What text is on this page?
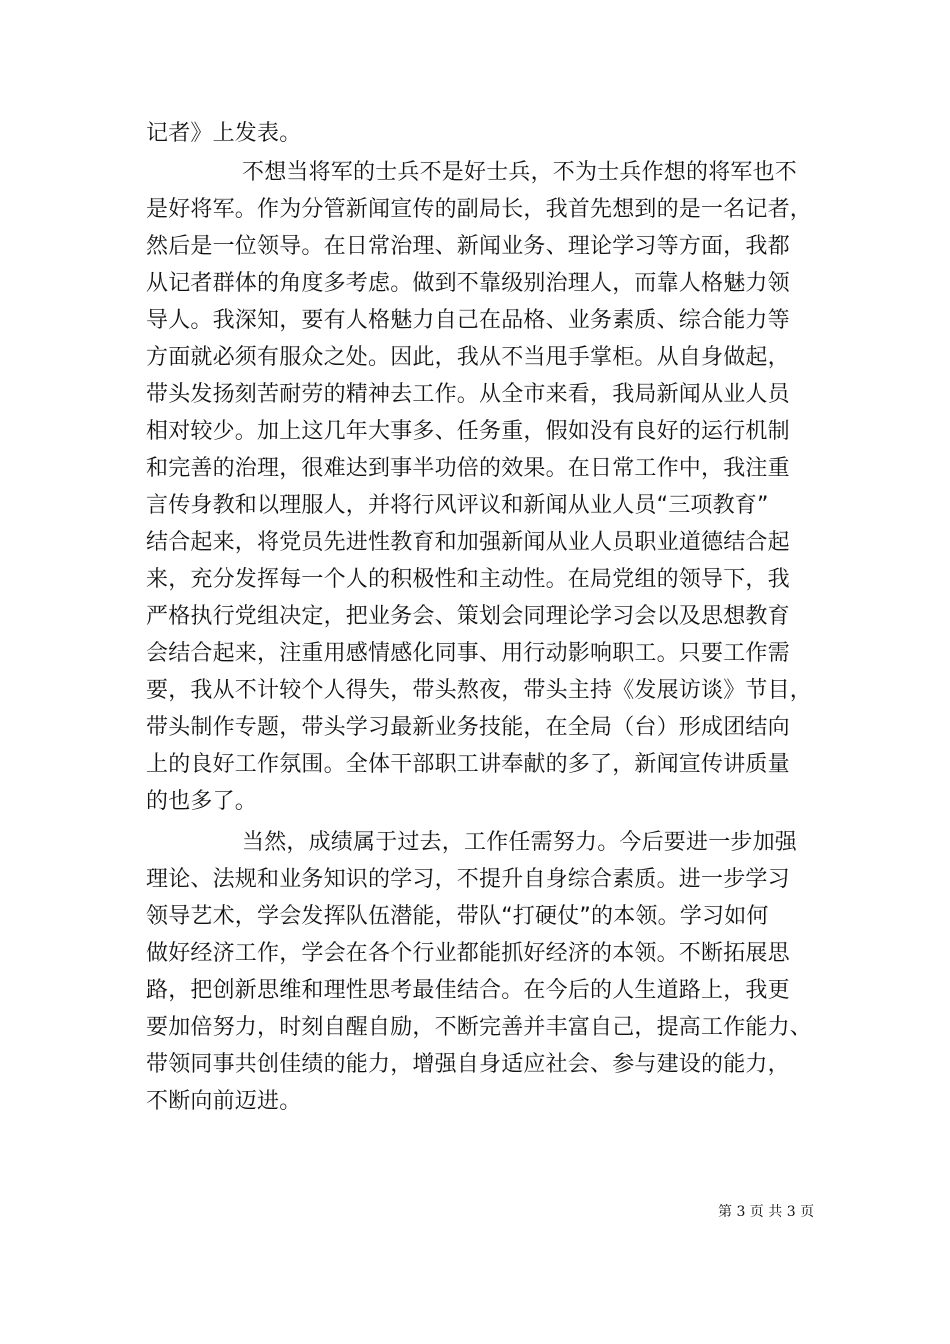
记者》上发表。
不想当将军的士兵不是好士兵，不为士兵作想的将军也不
是好将军。作为分管新闻宣传的副局长，我首先想到的是一名记者，
然后是一位领导。在日常治理、新闻业务、理论学习等方面，我都
从记者群体的角度多考虑。做到不靠级别治理人，而靠人格魅力领
导人。我深知，要有人格魅力自己在品格、业务素质、综合能力等
方面就必须有服众之处。因此，我从不当甩手掌柜。从自身做起，
带头发扬刻苦耐劳的精神去工作。从全市来看，我局新闻从业人员
相对较少。加上这几年大事多、任务重，假如没有良好的运行机制
和完善的治理，很难达到事半功倍的效果。在日常工作中，我注重
言传身教和以理服人，并将行风评议和新闻从业人员“三项教育”
结合起来，将党员先进性教育和加强新闻从业人员职业道德结合起
来，充分发挥每一个人的积极性和主动性。在局党组的领导下，我
严格执行党组决定，把业务会、策划会同理论学习会以及思想教育
会结合起来，注重用感情感化同事、用行动影响职工。只要工作需
要，我从不计较个人得失，带头熬夜，带头主持《发展访谈》节目，
带头制作专题，带头学习最新业务技能，在全局（台）形成团结向
上的良好工作氛围。全体干部职工讲奉献的多了，新闻宣传讲质量
的也多了。
当然，成绩属于过去，工作任需努力。今后要进一步加强
理论、法规和业务知识的学习，不提升自身综合素质。进一步学习
领导艺术，学会发挥队伍潜能，带队“打硬仗”的本领。学习如何
做好经济工作，学会在各个行业都能抓好经济的本领。不断拓展思
路，把创新思维和理性思考最佳结合。在今后的人生道路上，我更
要加倍努力，时刻自醒自励，不断完善并丰富自己，提高工作能力、
带领同事共创佳绩的能力，增强自身适应社会、参与建设的能力，
不断向前迈进。
第 3 页 共 3 页
